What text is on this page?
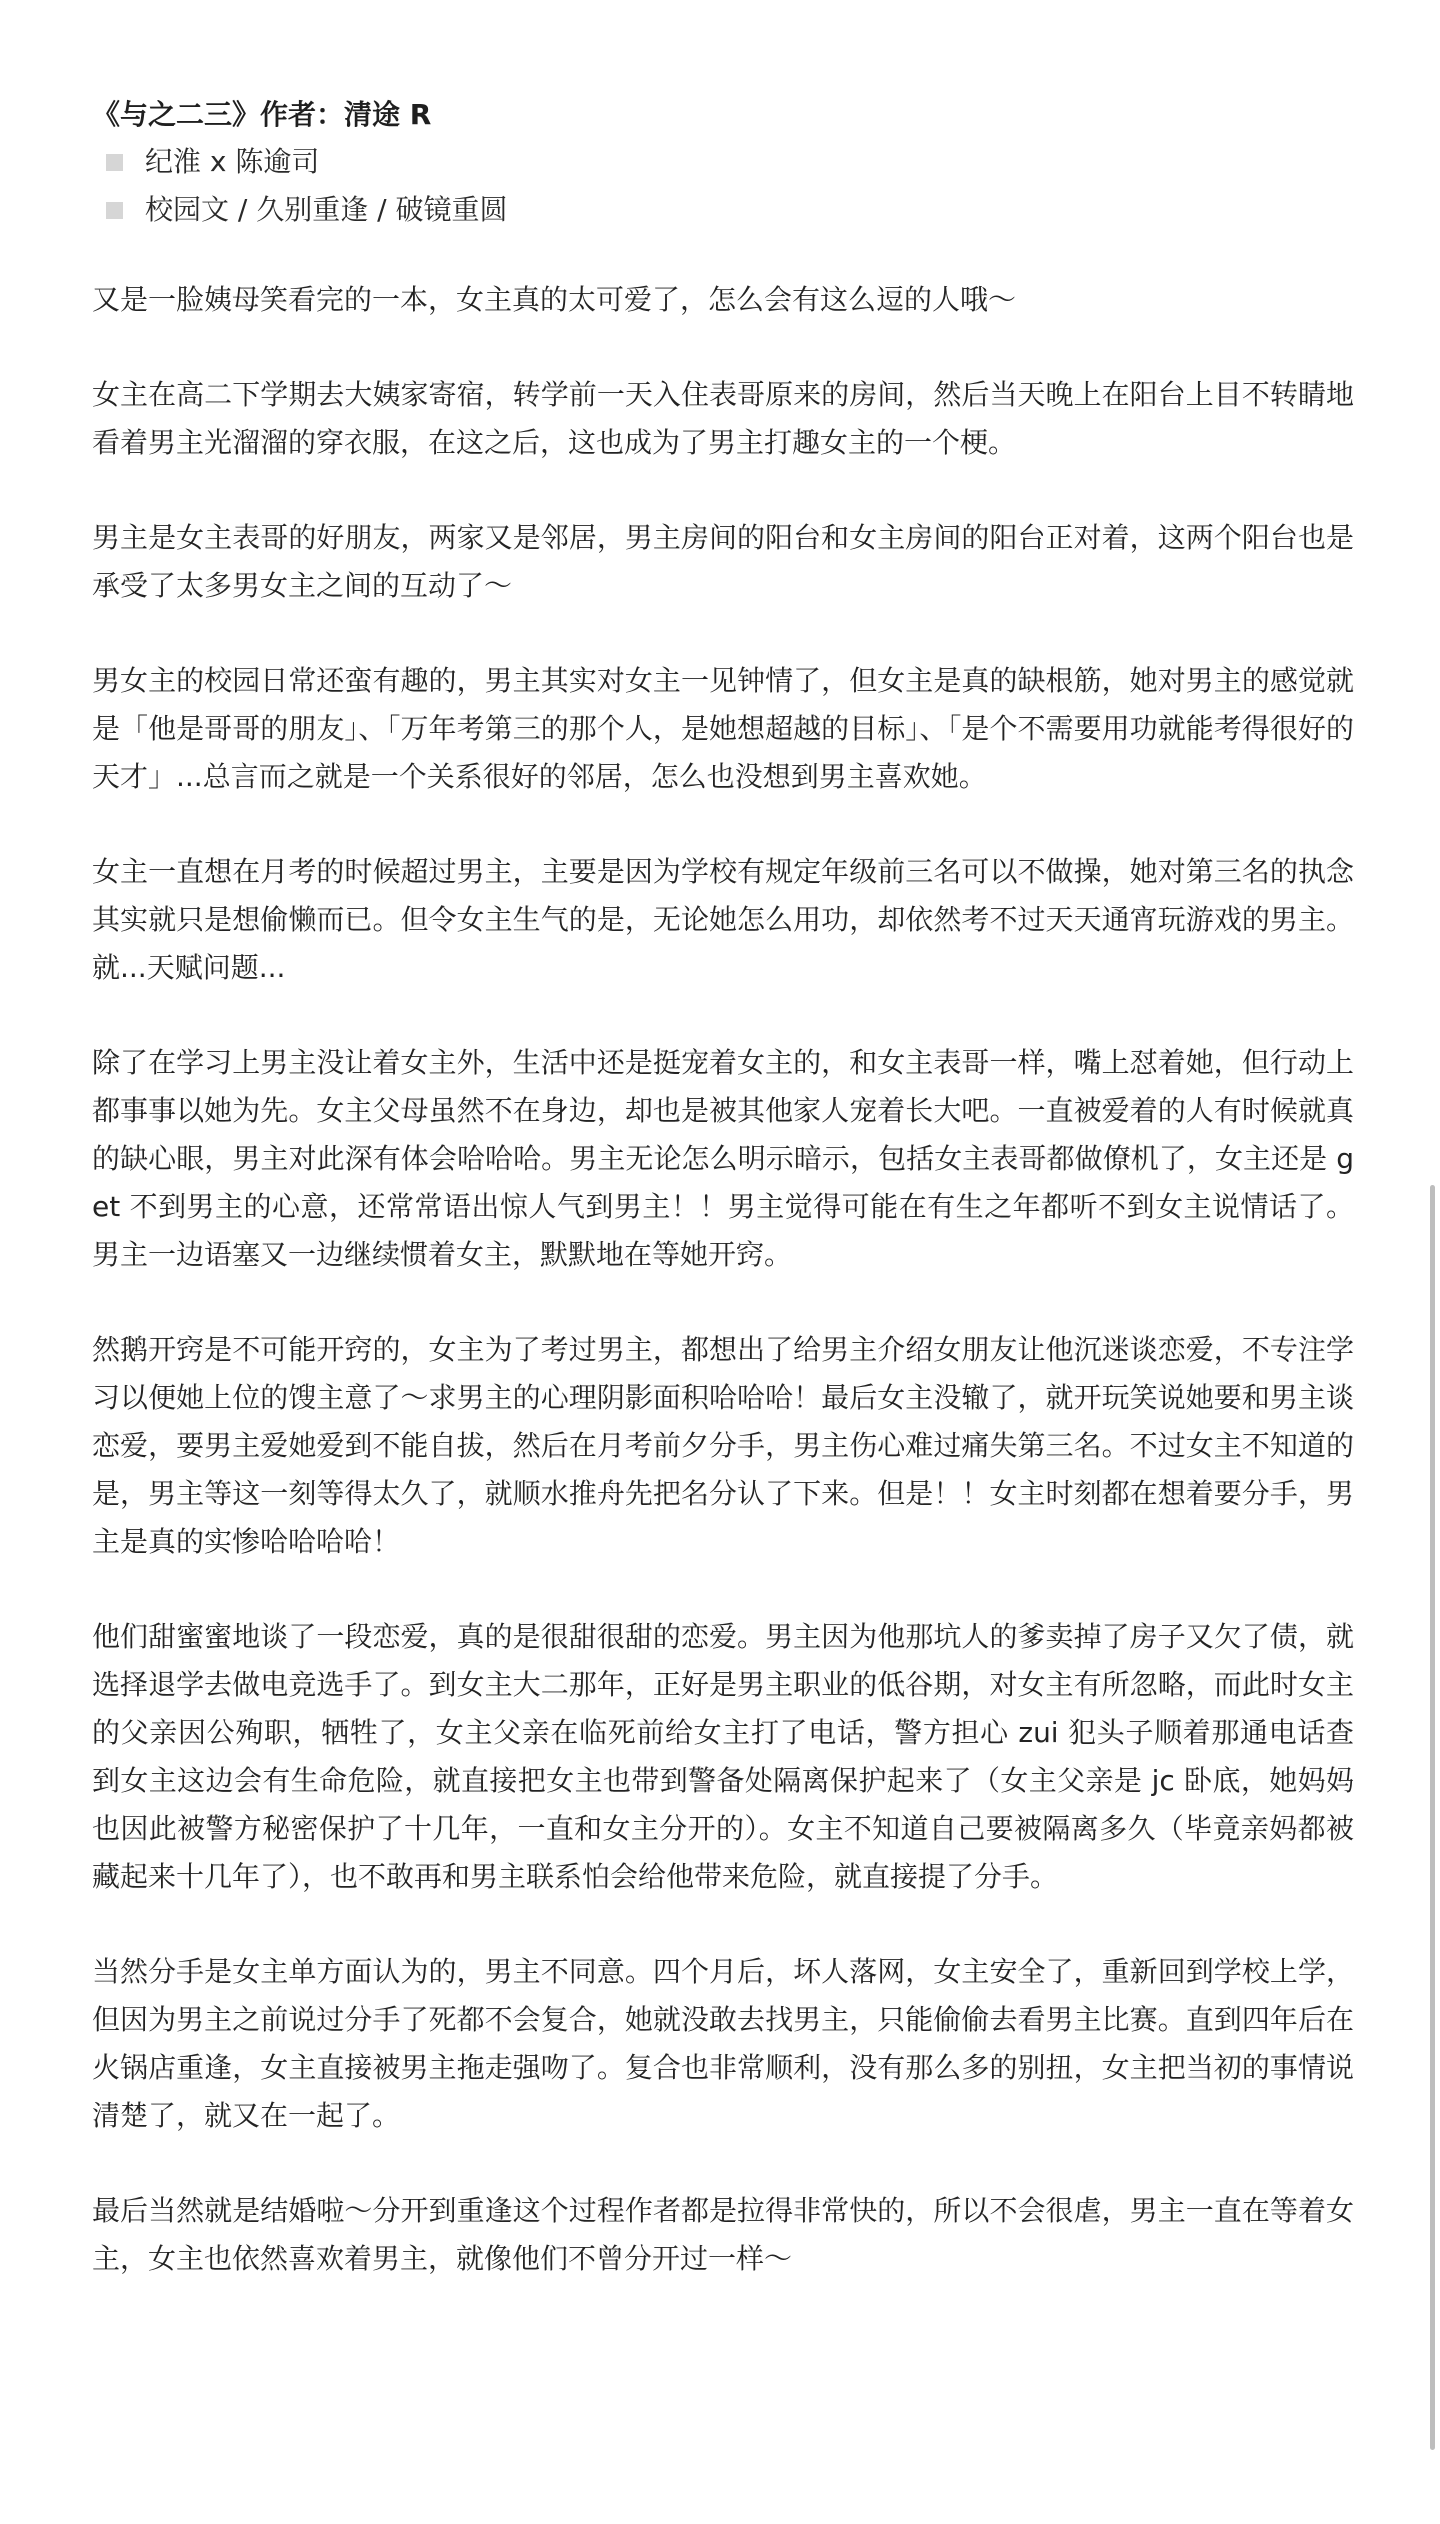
《与之二三》作者：清途 R
纪淮 x 陈逾司
校园文 / 久别重逢 / 破镜重圆

又是一脸姨母笑看完的一本，女主真的太可爱了，怎么会有这么逗的人哦～

女主在高二下学期去大姨家寄宿，转学前一天入住表哥原来的房间，然后当天晚上在阳台上目不转睛地看着男主光溜溜的穿衣服，在这之后，这也成为了男主打趣女主的一个梗。

男主是女主表哥的好朋友，两家又是邻居，男主房间的阳台和女主房间的阳台正对着，这两个阳台也是承受了太多男女主之间的互动了～

男女主的校园日常还蛮有趣的，男主其实对女主一见钟情了，但女主是真的缺根筋，她对男主的感觉就是「他是哥哥的朋友」、「万年考第三的那个人，是她想超越的目标」、「是个不需要用功就能考得很好的天才」...总言而之就是一个关系很好的邻居，怎么也没想到男主喜欢她。

女主一直想在月考的时候超过男主，主要是因为学校有规定年级前三名可以不做操，她对第三名的执念其实就只是想偷懒而已。但令女主生气的是，无论她怎么用功，却依然考不过天天通宵玩游戏的男主。就...天赋问题...

除了在学习上男主没让着女主外，生活中还是挺宠着女主的，和女主表哥一样，嘴上怼着她，但行动上都事事以她为先。女主父母虽然不在身边，却也是被其他家人宠着长大吧。一直被爱着的人有时候就真的缺心眼，男主对此深有体会哈哈哈。男主无论怎么明示暗示，包括女主表哥都做僚机了，女主还是 get 不到男主的心意，还常常语出惊人气到男主！！男主觉得可能在有生之年都听不到女主说情话了。男主一边语塞又一边继续惯着女主，默默地在等她开窍。

然鹅开窍是不可能开窍的，女主为了考过男主，都想出了给男主介绍女朋友让他沉迷谈恋爱，不专注学习以便她上位的馊主意了～求男主的心理阴影面积哈哈哈！最后女主没辙了，就开玩笑说她要和男主谈恋爱，要男主爱她爱到不能自拔，然后在月考前夕分手，男主伤心难过痛失第三名。不过女主不知道的是，男主等这一刻等得太久了，就顺水推舟先把名分认了下来。但是！！女主时刻都在想着要分手，男主是真的实惨哈哈哈哈！

他们甜蜜蜜地谈了一段恋爱，真的是很甜很甜的恋爱。男主因为他那坑人的爹卖掉了房子又欠了债，就选择退学去做电竞选手了。到女主大二那年，正好是男主职业的低谷期，对女主有所忽略，而此时女主的父亲因公殉职，牺牲了，女主父亲在临死前给女主打了电话，警方担心 zui 犯头子顺着那通电话查到女主这边会有生命危险，就直接把女主也带到警备处隔离保护起来了（女主父亲是 jc 卧底，她妈妈也因此被警方秘密保护了十几年，一直和女主分开的）。女主不知道自己要被隔离多久（毕竟亲妈都被藏起来十几年了），也不敢再和男主联系怕会给他带来危险，就直接提了分手。

当然分手是女主单方面认为的，男主不同意。四个月后，坏人落网，女主安全了，重新回到学校上学，但因为男主之前说过分手了死都不会复合，她就没敢去找男主，只能偷偷去看男主比赛。直到四年后在火锅店重逢，女主直接被男主拖走强吻了。复合也非常顺利，没有那么多的别扭，女主把当初的事情说清楚了，就又在一起了。

最后当然就是结婚啦～分开到重逢这个过程作者都是拉得非常快的，所以不会很虐，男主一直在等着女主，女主也依然喜欢着男主，就像他们不曾分开过一样～
